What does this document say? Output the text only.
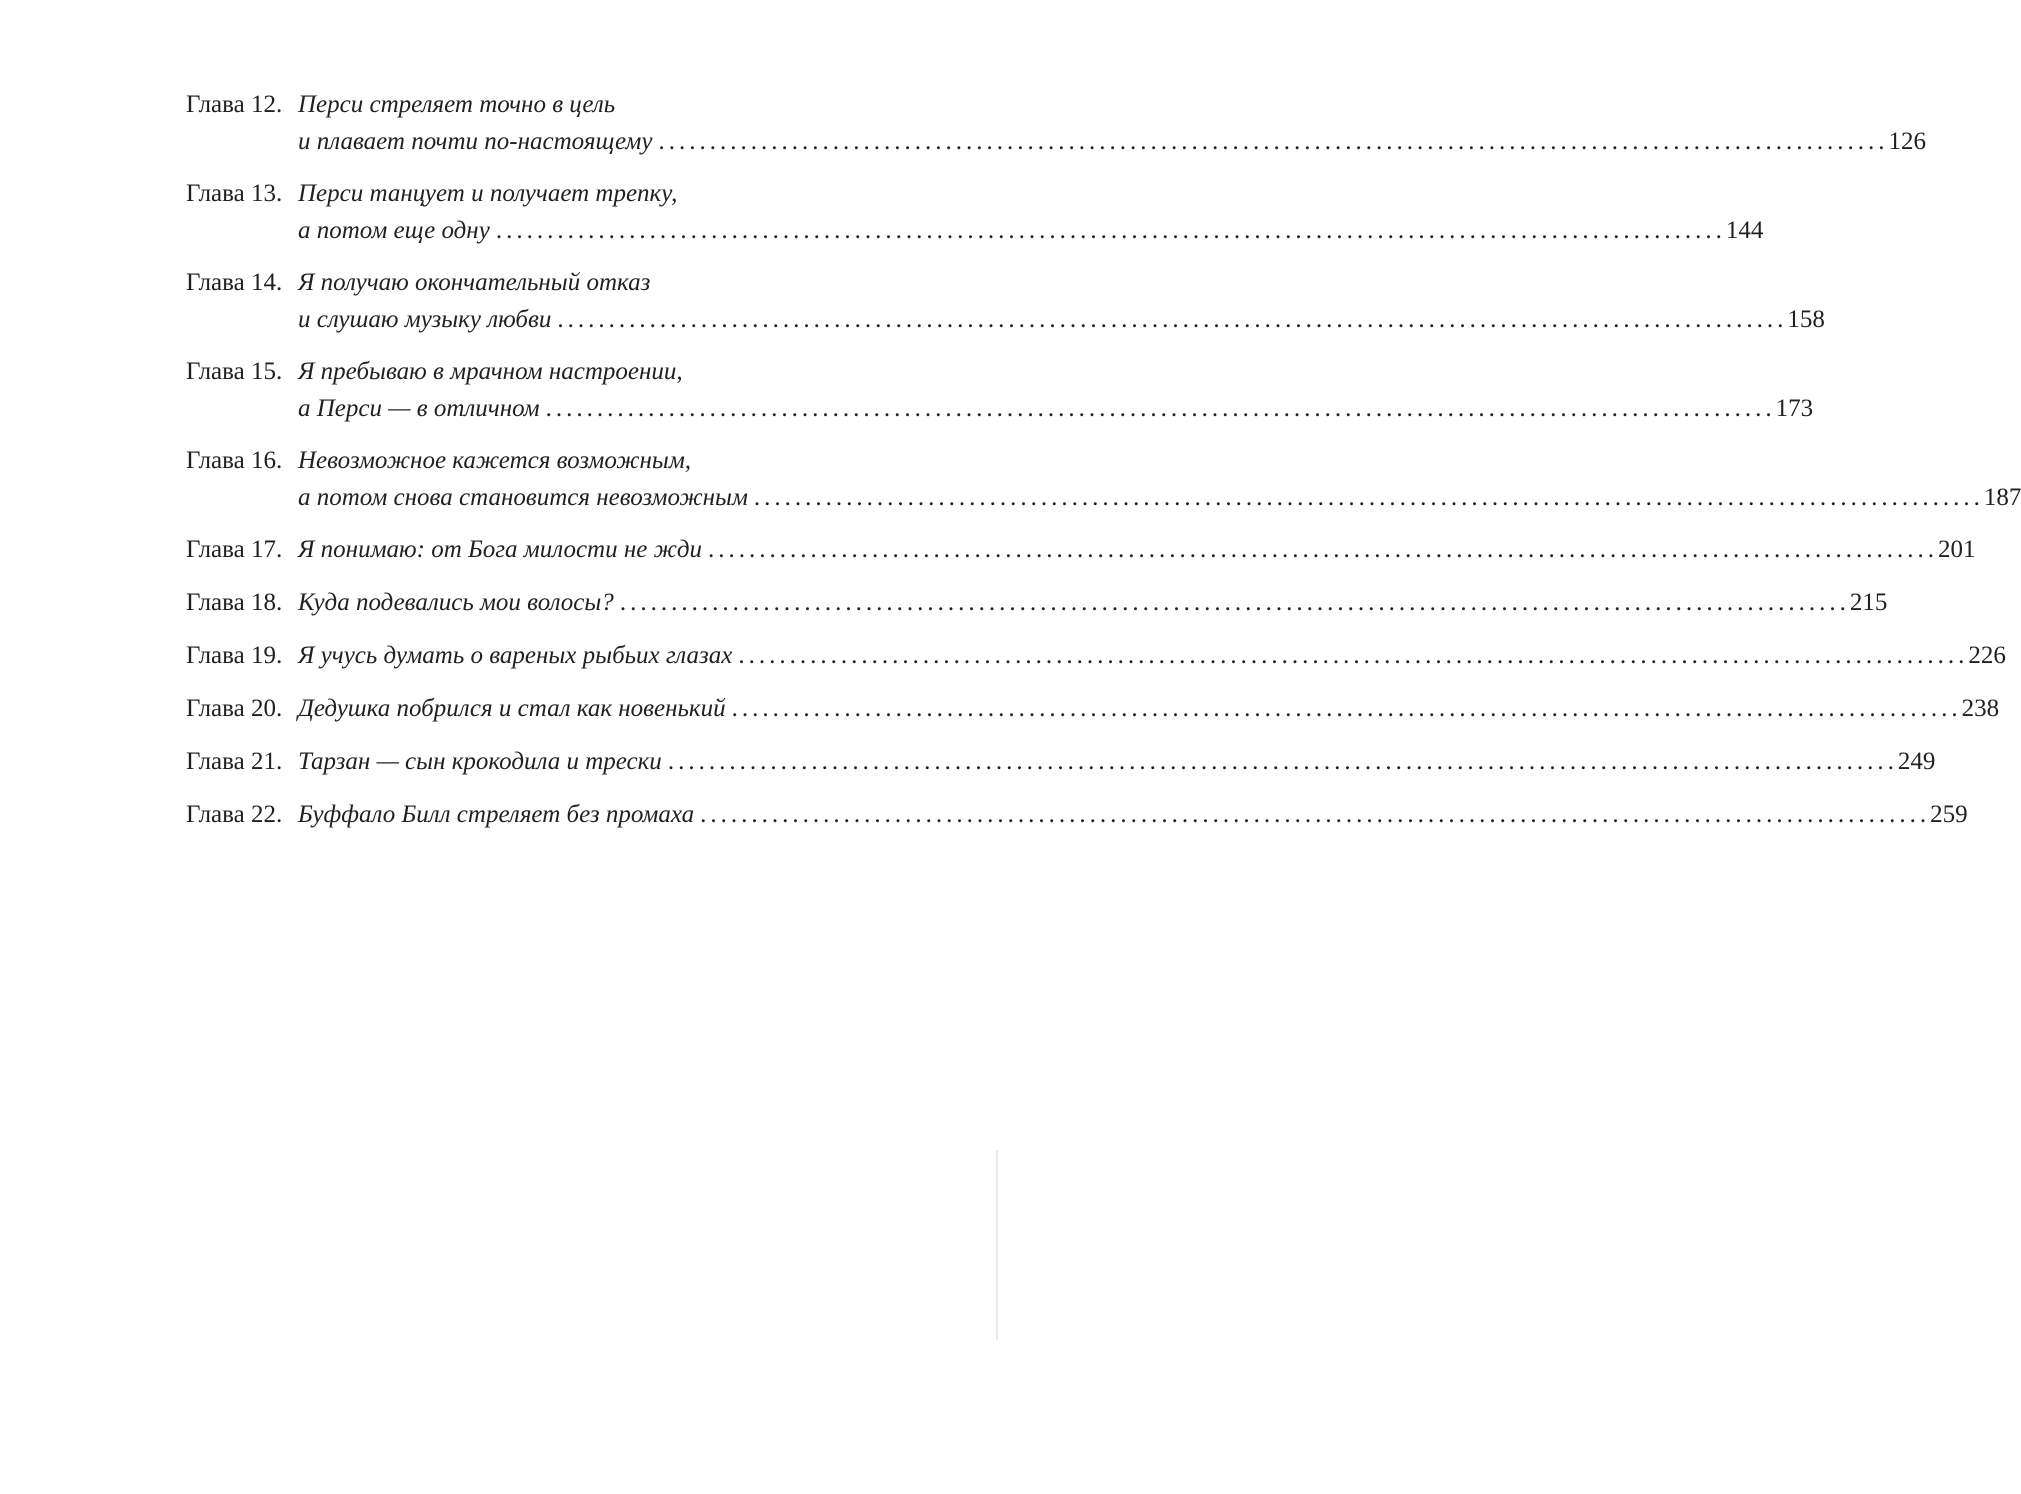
Глава 12. Перси стреляет точно в цель
и плавает почти по-настоящему ........................................................................................................................ 126
Глава 13. Перси танцует и получает трепку,
а потом еще одну ........................................................................................................................ 144
Глава 14. Я получаю окончательный отказ
и слушаю музыку любви ........................................................................................................................ 158
Глава 15. Я пребываю в мрачном настроении,
а Перси — в отличном ........................................................................................................................ 173
Глава 16. Невозможное кажется возможным,
а потом снова становится невозможным ........................................................................................................................ 187
Глава 17. Я понимаю: от Бога милости не жди ........................................................................................................................ 201
Глава 18. Куда подевались мои волосы? ........................................................................................................................ 215
Глава 19. Я учусь думать о вареных рыбьих глазах ........................................................................................................................ 226
Глава 20. Дедушка побрился и стал как новенький ........................................................................................................................ 238
Глава 21. Тарзан — сын крокодила и трески ........................................................................................................................ 249
Глава 22. Буффало Билл стреляет без промаха ........................................................................................................................ 259
